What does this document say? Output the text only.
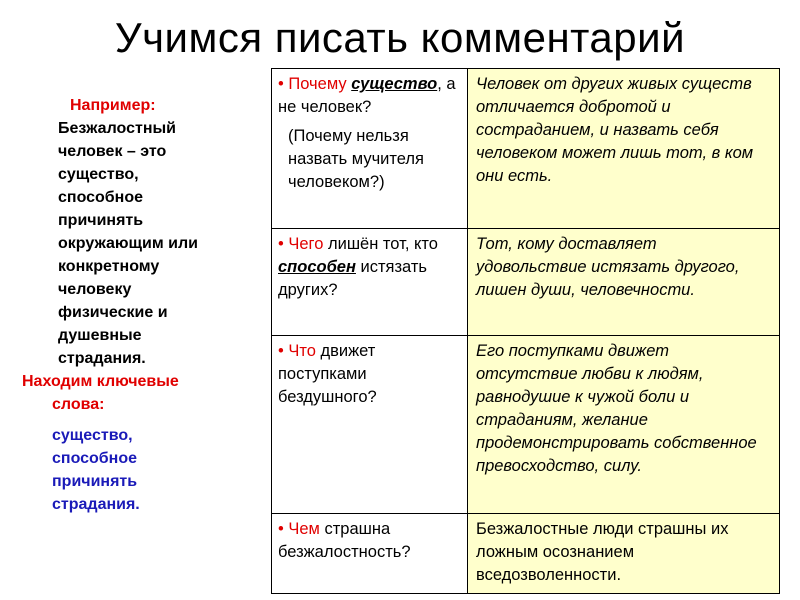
Учимся писать комментарий

Например:

Безжалостный

человек – это

существо,

способное

причинять

окружающим или

конкретному

человеку

физические и

душевные

страдания.

Находим ключевые

слова:

существо,

способное

причинять

страдания.

• Почему существо, а не человек?
(Почему нельзя назвать мучителя человеком?)	Человек от других живых существ отличается добротой и состраданием, и назвать себя человеком может лишь тот, в ком они есть.
• Чего лишён тот, кто способен истязать других?	Тот, кому доставляет удовольствие истязать другого, лишен души, человечности.
• Что движет поступками бездушного?	Его поступками движет отсутствие любви к людям, равнодушие к чужой боли и страданиям, желание продемонстрировать собственное превосходство, силу.
• Чем страшна безжалостность?	Безжалостные люди страшны их ложным осознанием вседозволенности.
